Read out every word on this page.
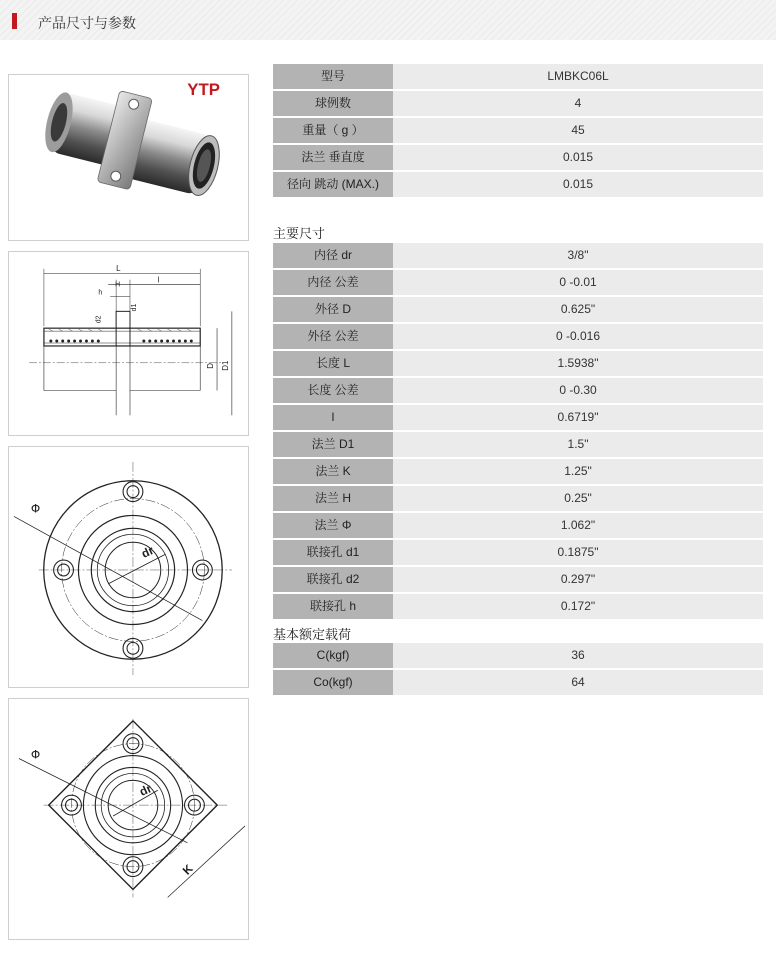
产品尺寸与参数
YTP
L
l
h
H
d2
d1
D D1
Φ
dr
Φ
dr
K
型号	LMBKC06L
球例数	4
重量（ g ）	45
法兰 垂直度	0.015
径向 跳动 (MAX.)	0.015
主要尺寸
内径 dr	3/8"
内径 公差	0 -0.01
外径 D	0.625"
外径 公差	0 -0.016
长度 L	1.5938"
长度 公差	0 -0.30
l	0.6719"
法兰 D1	1.5"
法兰 K	1.25"
法兰 H	0.25"
法兰 Φ	1.062"
联接孔 d1	0.1875"
联接孔 d2	0.297"
联接孔 h	0.172"
基本额定载荷
C(kgf)	36
Co(kgf)	64
